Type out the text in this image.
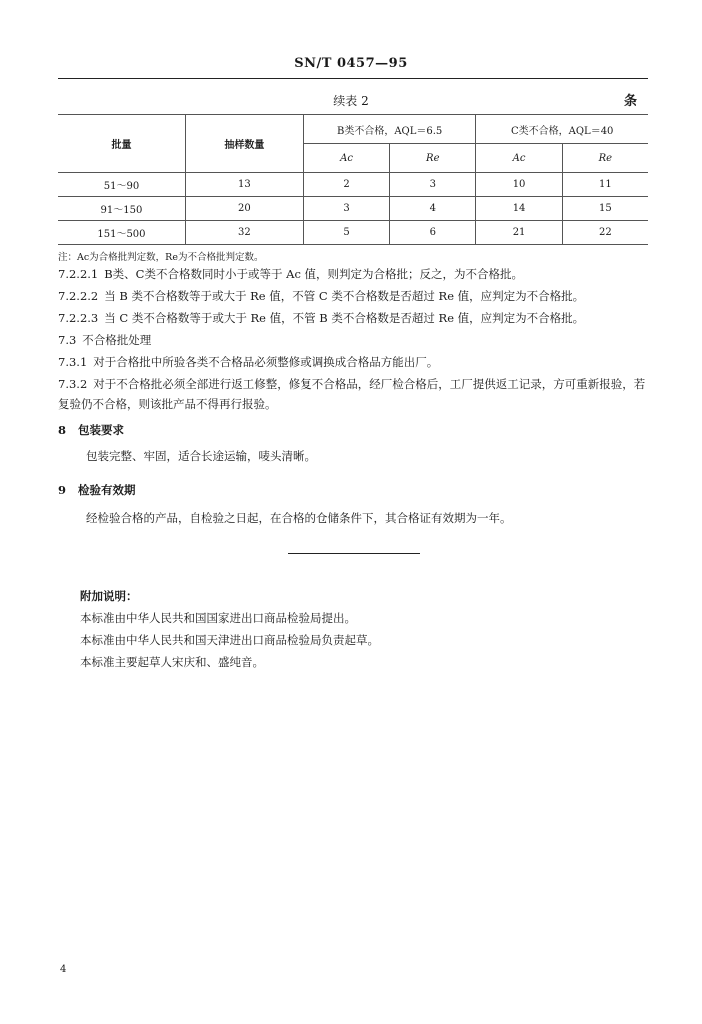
SN/T 0457—95
续表 2	条
批量	抽样数量	B类不合格，AQL＝6.5		C类不合格，AQL＝40	
		Ac	Re	Ac	Re
51～90	13	2	3	10	11
91～150	20	3	4	14	15
151～500	32	5	6	21	22
注：Ac为合格批判定数，Re为不合格批判定数。
7.2.2.1 B类、C类不合格数同时小于或等于 Ac 值，则判定为合格批；反之，为不合格批。
7.2.2.2 当 B 类不合格数等于或大于 Re 值，不管 C 类不合格数是否超过 Re 值，应判定为不合格批。
7.2.2.3 当 C 类不合格数等于或大于 Re 值，不管 B 类不合格数是否超过 Re 值，应判定为不合格批。
7.3 不合格批处理
7.3.1 对于合格批中所验各类不合格品必须整修或调换成合格品方能出厂。
7.3.2 对于不合格批必须全部进行返工修整，修复不合格品，经厂检合格后，工厂提供返工记录，方可重新报验，若复验仍不合格，则该批产品不得再行报验。
8 包装要求
包装完整、牢固，适合长途运输，唛头清晰。
9 检验有效期
经检验合格的产品，自检验之日起，在合格的仓储条件下，其合格证有效期为一年。
附加说明：
本标准由中华人民共和国国家进出口商品检验局提出。
本标准由中华人民共和国天津进出口商品检验局负责起草。
本标准主要起草人宋庆和、盛纯音。
4
